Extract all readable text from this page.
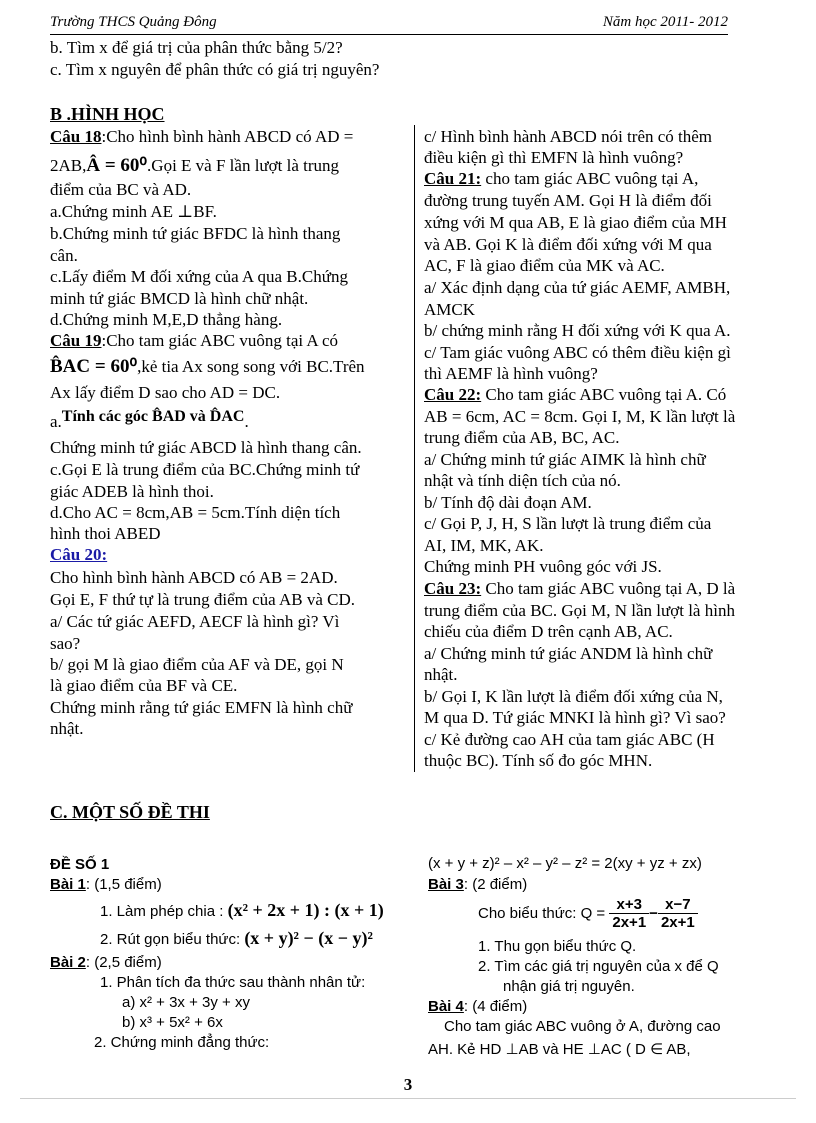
Trường THCS Quảng Đông	Năm học 2011- 2012
b. Tìm x để giá trị của phân thức bằng 5/2?
c. Tìm x nguyên để phân thức có giá trị nguyên?
B .HÌNH HỌC
Câu 18:Cho hình bình hành ABCD có AD =
2AB,Â = 60⁰.Gọi E và F lần lượt là trung
điểm của BC và AD.
a.Chứng minh AE ⊥BF.
b.Chứng minh tứ giác BFDC là hình thang
cân.
c.Lấy điểm M đối xứng của A qua B.Chứng
minh tứ giác BMCD là hình chữ nhật.
d.Chứng minh M,E,D thẳng hàng.
Câu 19:Cho tam giác ABC vuông tại A có
B̂AC = 60⁰,kẻ tia Ax song song với BC.Trên
Ax lấy điểm D sao cho AD = DC.
a.Tính các góc B̂AD và D̂AC.
Chứng minh tứ giác ABCD là hình thang cân.
c.Gọi E là trung điểm của BC.Chứng minh tứ
giác ADEB là hình thoi.
d.Cho AC = 8cm,AB = 5cm.Tính diện tích
hình thoi ABED
Câu 20:
Cho hình bình hành ABCD có AB = 2AD.
Gọi E, F thứ tự là trung điểm của AB và CD.
a/ Các tứ giác AEFD, AECF là hình gì? Vì
sao?
b/ gọi M là giao điểm của AF và DE, gọi N
là giao điểm của BF và CE.
Chứng minh rằng tứ giác EMFN là hình chữ
nhật.
c/ Hình bình hành ABCD nói trên có thêm
điều kiện gì thì EMFN là hình vuông?
Câu 21: cho tam giác ABC vuông tại A,
đường trung tuyến AM. Gọi H là điểm đối
xứng với M qua AB, E là giao điểm của MH
và AB. Gọi K là điểm đối xứng với M qua
AC, F là giao điểm của MK và AC.
a/ Xác định dạng của tứ giác AEMF, AMBH,
AMCK
b/ chứng minh rằng H đối xứng với K qua A.
c/ Tam giác vuông ABC có thêm điều kiện gì
thì AEMF là hình vuông?
Câu 22: Cho tam giác ABC vuông tại A. Có
AB = 6cm, AC = 8cm. Gọi I, M, K lần lượt là
trung điểm của AB, BC, AC.
a/ Chứng minh tứ giác AIMK là hình chữ
nhật và tính diện tích của nó.
b/ Tính độ dài đoạn AM.
c/ Gọi P, J, H, S lần lượt là trung điểm của
AI, IM, MK, AK.
Chứng minh PH vuông góc với JS.
Câu 23: Cho tam giác ABC vuông tại A, D là
trung điểm của BC. Gọi M, N lần lượt là hình
chiếu của điểm D trên cạnh AB, AC.
a/ Chứng minh tứ giác ANDM là hình chữ
nhật.
b/ Gọi I, K lần lượt là điểm đối xứng của N,
M qua D. Tứ giác MNKI là hình gì? Vì sao?
c/ Kẻ đường cao AH của tam giác ABC (H
thuộc BC). Tính số đo góc MHN.
C. MỘT SỐ ĐỀ THI
ĐỀ SỐ 1
Bài 1: (1,5 điểm)
1. Làm phép chia : (x² + 2x + 1) : (x + 1)
2. Rút gọn biểu thức: (x + y)² − (x − y)²
Bài 2: (2,5 điểm)
1. Phân tích đa thức sau thành nhân tử:
a) x² + 3x + 3y + xy
b) x³ + 5x² + 6x
2. Chứng minh đẳng thức:
(x + y + z)² – x² – y² – z² = 2(xy + yz + zx)
Bài 3: (2 điểm)
Cho biểu thức: $Q = \frac{x+3}{2x+1} - \frac{x-7}{2x+1}$
1. Thu gọn biểu thức Q.
2. Tìm các giá trị nguyên của x để Q
nhận giá trị nguyên.
Bài 4: (4 điểm)
Cho tam giác ABC vuông ở A, đường cao
AH. Kẻ HD ⊥AB và HE ⊥AC ( D ∈ AB,
3
